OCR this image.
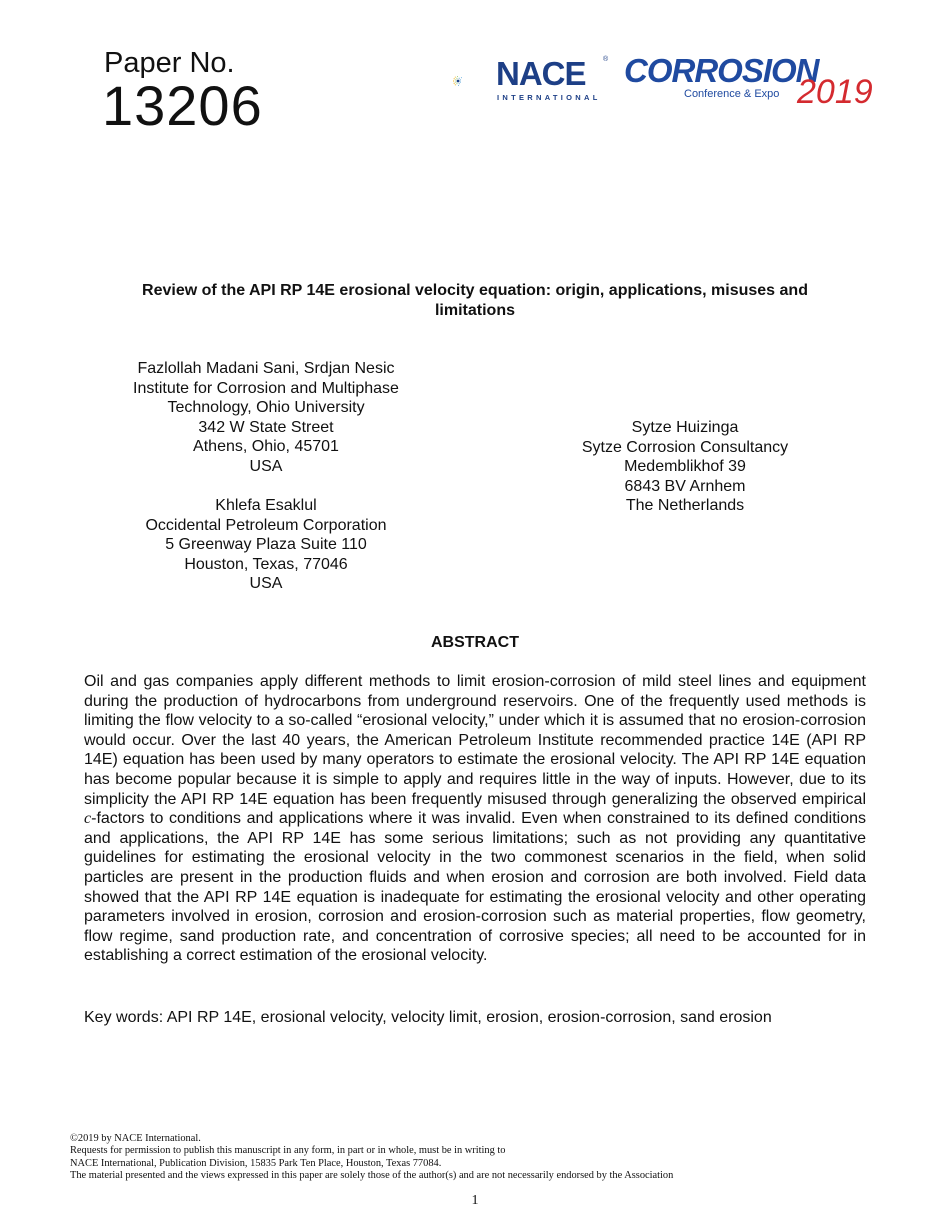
Paper No.
13206
NACE ®
INTERNATIONAL
CORROSION
Conference & Expo 2019
Review of the API RP 14E erosional velocity equation: origin, applications, misuses and
limitations
Fazlollah Madani Sani, Srdjan Nesic
Institute for Corrosion and Multiphase
Technology, Ohio University
342 W State Street
Athens, Ohio, 45701
USA
Sytze Huizinga
Sytze Corrosion Consultancy
Medemblikhof 39
6843 BV Arnhem
The Netherlands
Khlefa Esaklul
Occidental Petroleum Corporation
5 Greenway Plaza Suite 110
Houston, Texas, 77046
USA
ABSTRACT
Oil and gas companies apply different methods to limit erosion-corrosion of mild steel lines and equipment during the production of hydrocarbons from underground reservoirs. One of the frequently used methods is limiting the flow velocity to a so-called “erosional velocity,” under which it is assumed that no erosion-corrosion would occur. Over the last 40 years, the American Petroleum Institute recommended practice 14E (API RP 14E) equation has been used by many operators to estimate the erosional velocity. The API RP 14E equation has become popular because it is simple to apply and requires little in the way of inputs. However, due to its simplicity the API RP 14E equation has been frequently misused through generalizing the observed empirical c-factors to conditions and applications where it was invalid. Even when constrained to its defined conditions and applications, the API RP 14E has some serious limitations; such as not providing any quantitative guidelines for estimating the erosional velocity in the two commonest scenarios in the field, when solid particles are present in the production fluids and when erosion and corrosion are both involved. Field data showed that the API RP 14E equation is inadequate for estimating the erosional velocity and other operating parameters involved in erosion, corrosion and erosion-corrosion such as material properties, flow geometry, flow regime, sand production rate, and concentration of corrosive species; all need to be accounted for in establishing a correct estimation of the erosional velocity.
Key words: API RP 14E, erosional velocity, velocity limit, erosion, erosion-corrosion, sand erosion
©2019 by NACE International.
Requests for permission to publish this manuscript in any form, in part or in whole, must be in writing to
NACE International, Publication Division, 15835 Park Ten Place, Houston, Texas 77084.
The material presented and the views expressed in this paper are solely those of the author(s) and are not necessarily endorsed by the Association
1
